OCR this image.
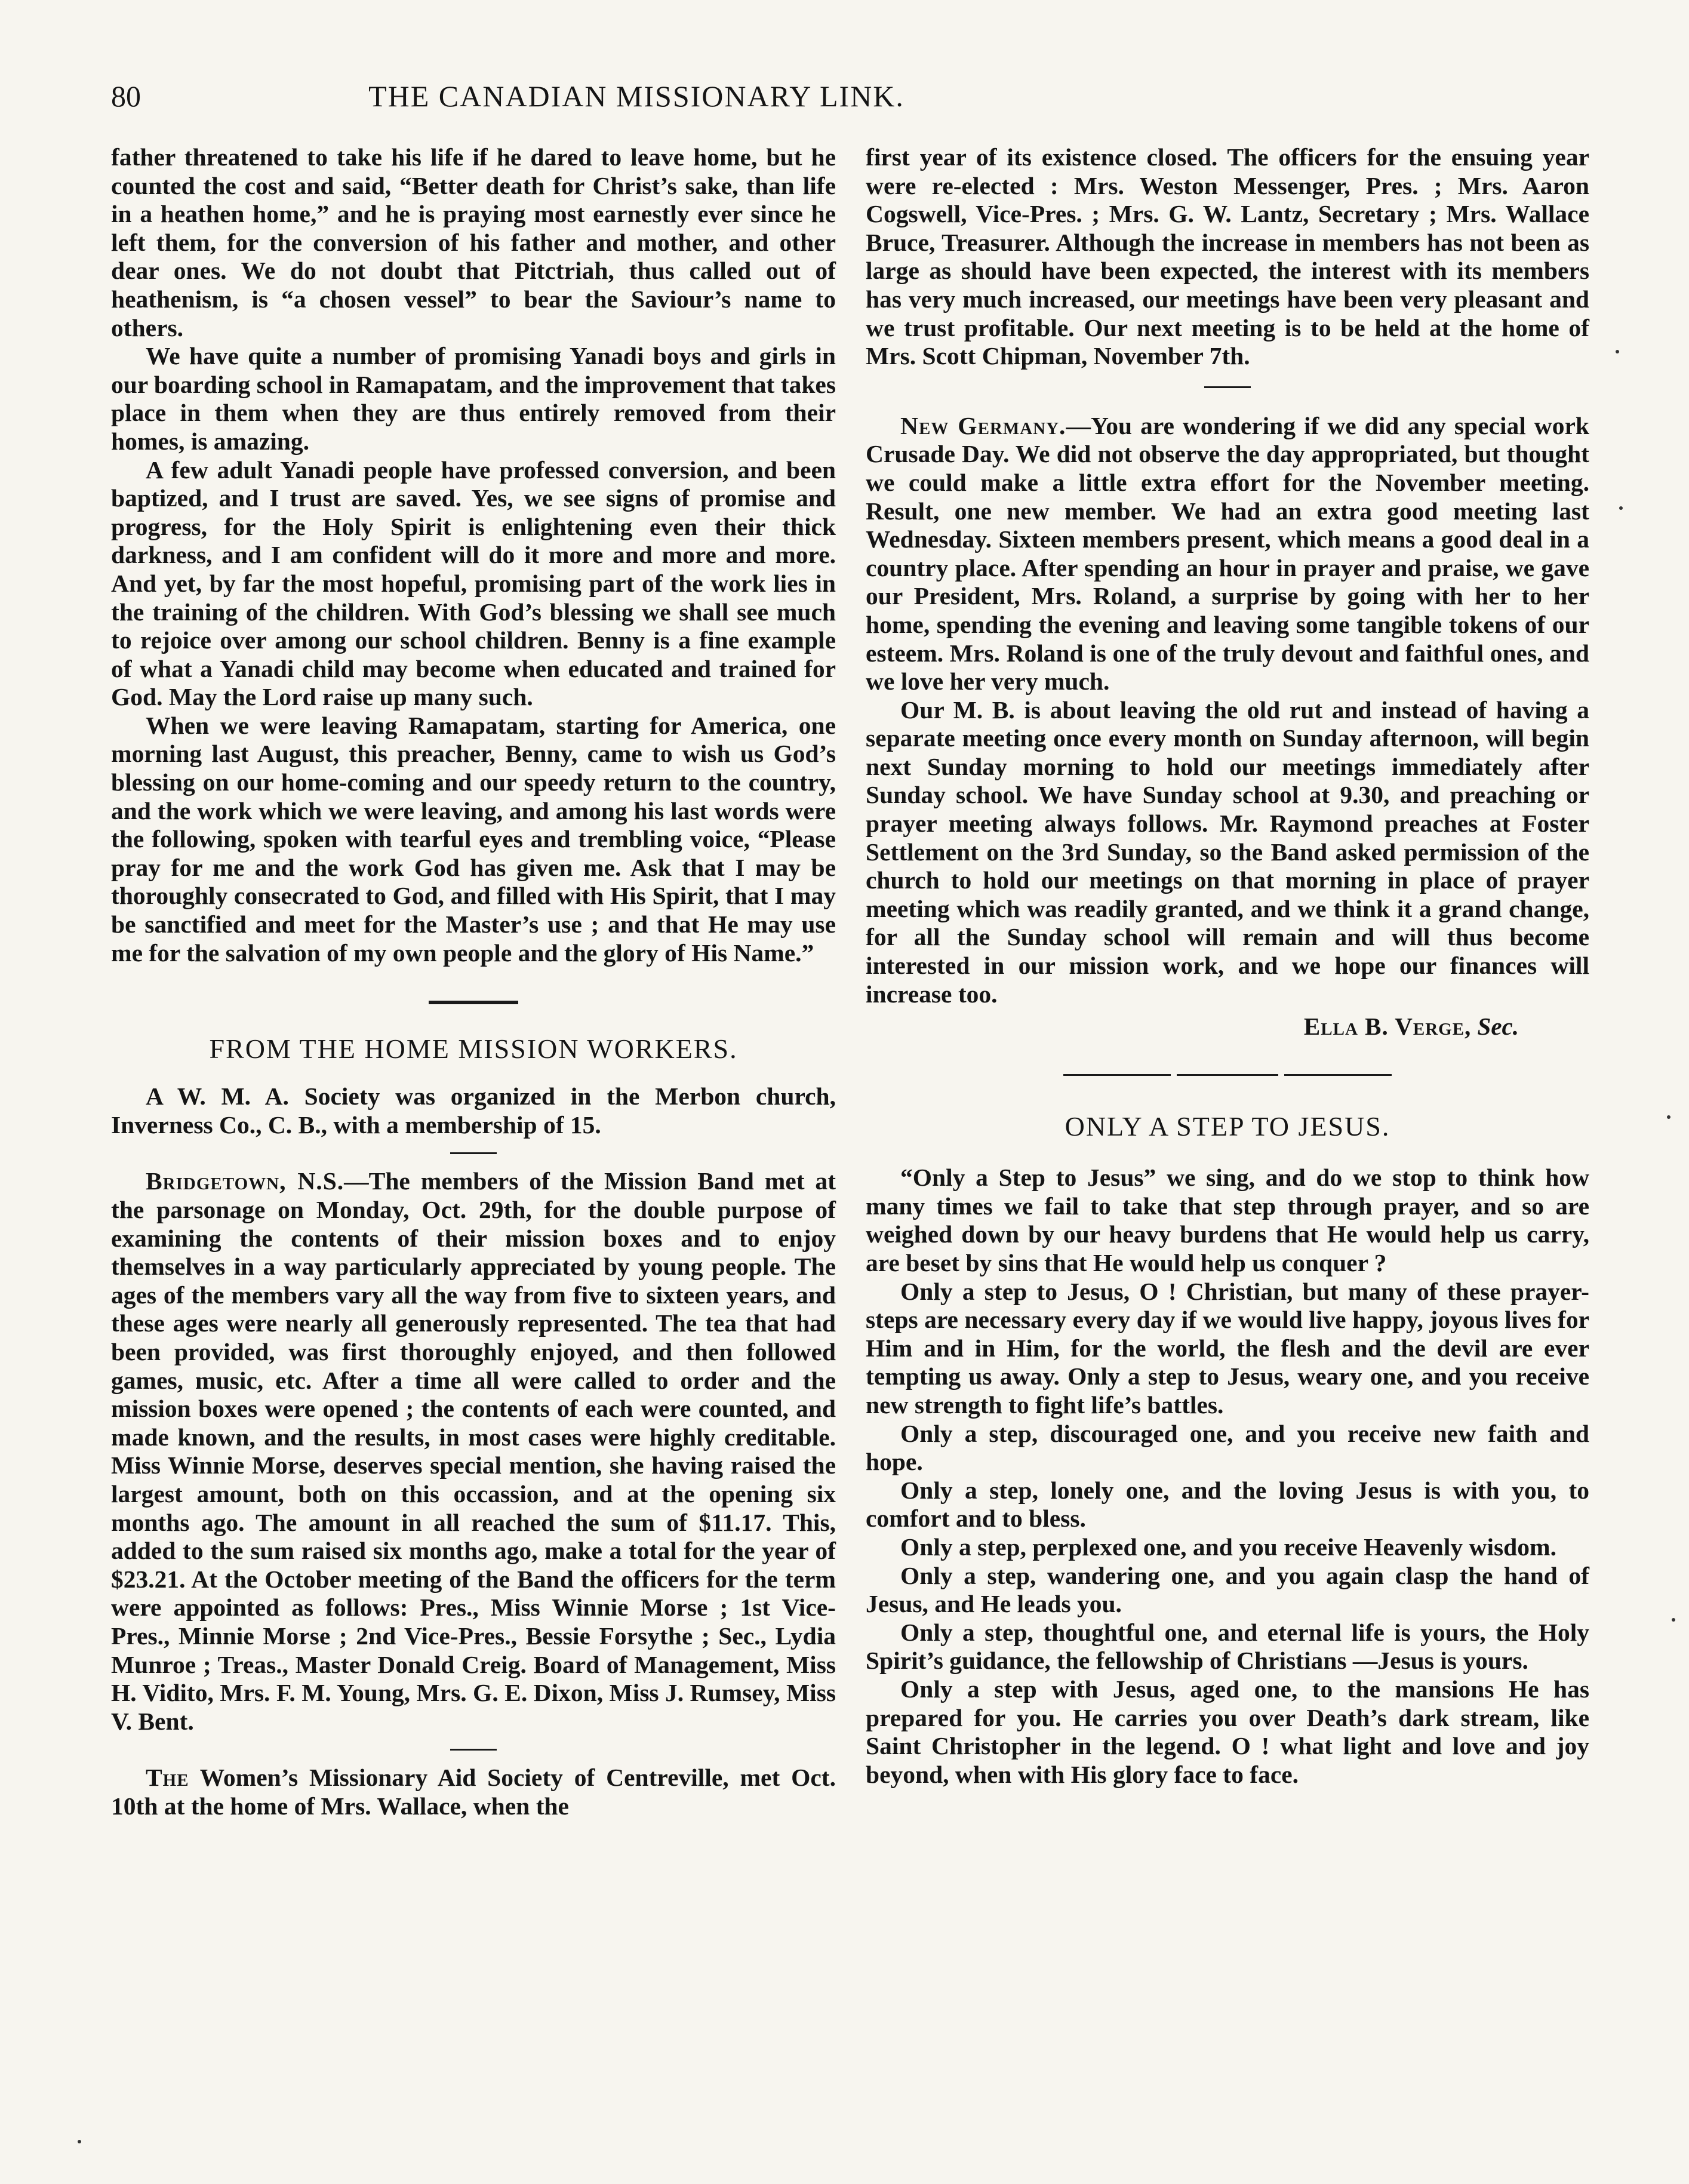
80	THE CANADIAN MISSIONARY LINK.

father threatened to take his life if he dared to leave home, but he counted the cost and said, “Better death for Christ’s sake, than life in a heathen home,” and he is praying most earnestly ever since he left them, for the conversion of his father and mother, and other dear ones. We do not doubt that Pitctriah, thus called out of heathenism, is “a chosen vessel” to bear the Saviour’s name to others.

We have quite a number of promising Yanadi boys and girls in our boarding school in Ramapatam, and the improvement that takes place in them when they are thus entirely removed from their homes, is amazing.

A few adult Yanadi people have professed conversion, and been baptized, and I trust are saved. Yes, we see signs of promise and progress, for the Holy Spirit is enlightening even their thick darkness, and I am confident will do it more and more and more. And yet, by far the most hopeful, promising part of the work lies in the training of the children. With God’s blessing we shall see much to rejoice over among our school children. Benny is a fine example of what a Yanadi child may become when educated and trained for God. May the Lord raise up many such.

When we were leaving Ramapatam, starting for America, one morning last August, this preacher, Benny, came to wish us God’s blessing on our home-coming and our speedy return to the country, and the work which we were leaving, and among his last words were the following, spoken with tearful eyes and trembling voice, “Please pray for me and the work God has given me. Ask that I may be thoroughly consecrated to God, and filled with His Spirit, that I may be sanctified and meet for the Master’s use ; and that He may use me for the salvation of my own people and the glory of His Name.”

FROM THE HOME MISSION WORKERS.

A W. M. A. Society was organized in the Merbon church, Inverness Co., C. B., with a membership of 15.

Bridgetown, N.S.—The members of the Mission Band met at the parsonage on Monday, Oct. 29th, for the double purpose of examining the contents of their mission boxes and to enjoy themselves in a way particularly appreciated by young people. The ages of the members vary all the way from five to sixteen years, and these ages were nearly all generously represented. The tea that had been provided, was first thoroughly enjoyed, and then followed games, music, etc. After a time all were called to order and the mission boxes were opened ; the contents of each were counted, and made known, and the results, in most cases were highly creditable. Miss Winnie Morse, deserves special mention, she having raised the largest amount, both on this occassion, and at the opening six months ago. The amount in all reached the sum of $11.17. This, added to the sum raised six months ago, make a total for the year of $23.21. At the October meeting of the Band the officers for the term were appointed as follows: Pres., Miss Winnie Morse ; 1st Vice-Pres., Minnie Morse ; 2nd Vice-Pres., Bessie Forsythe ; Sec., Lydia Munroe ; Treas., Master Donald Creig. Board of Management, Miss H. Vidito, Mrs. F. M. Young, Mrs. G. E. Dixon, Miss J. Rumsey, Miss V. Bent.

The Women’s Missionary Aid Society of Centreville, met Oct. 10th at the home of Mrs. Wallace, when the

first year of its existence closed. The officers for the ensuing year were re-elected : Mrs. Weston Messenger, Pres. ; Mrs. Aaron Cogswell, Vice-Pres. ; Mrs. G. W. Lantz, Secretary ; Mrs. Wallace Bruce, Treasurer. Although the increase in members has not been as large as should have been expected, the interest with its members has very much increased, our meetings have been very pleasant and we trust profitable. Our next meeting is to be held at the home of Mrs. Scott Chipman, November 7th.

New Germany.—You are wondering if we did any special work Crusade Day. We did not observe the day appropriated, but thought we could make a little extra effort for the November meeting. Result, one new member. We had an extra good meeting last Wednesday. Sixteen members present, which means a good deal in a country place. After spending an hour in prayer and praise, we gave our President, Mrs. Roland, a surprise by going with her to her home, spending the evening and leaving some tangible tokens of our esteem. Mrs. Roland is one of the truly devout and faithful ones, and we love her very much.

Our M. B. is about leaving the old rut and instead of having a separate meeting once every month on Sunday afternoon, will begin next Sunday morning to hold our meetings immediately after Sunday school. We have Sunday school at 9.30, and preaching or prayer meeting always follows. Mr. Raymond preaches at Foster Settlement on the 3rd Sunday, so the Band asked permission of the church to hold our meetings on that morning in place of prayer meeting which was readily granted, and we think it a grand change, for all the Sunday school will remain and will thus become interested in our mission work, and we hope our finances will increase too.

Ella B. Verge, Sec.
ONLY A STEP TO JESUS.

“Only a Step to Jesus” we sing, and do we stop to think how many times we fail to take that step through prayer, and so are weighed down by our heavy burdens that He would help us carry, are beset by sins that He would help us conquer ?

Only a step to Jesus, O ! Christian, but many of these prayer-steps are necessary every day if we would live happy, joyous lives for Him and in Him, for the world, the flesh and the devil are ever tempting us away. Only a step to Jesus, weary one, and you receive new strength to fight life’s battles.

Only a step, discouraged one, and you receive new faith and hope.

Only a step, lonely one, and the loving Jesus is with you, to comfort and to bless.

Only a step, perplexed one, and you receive Heavenly wisdom.

Only a step, wandering one, and you again clasp the hand of Jesus, and He leads you.

Only a step, thoughtful one, and eternal life is yours, the Holy Spirit’s guidance, the fellowship of Christians —Jesus is yours.

Only a step with Jesus, aged one, to the mansions He has prepared for you. He carries you over Death’s dark stream, like Saint Christopher in the legend. O ! what light and love and joy beyond, when with His glory face to face.
